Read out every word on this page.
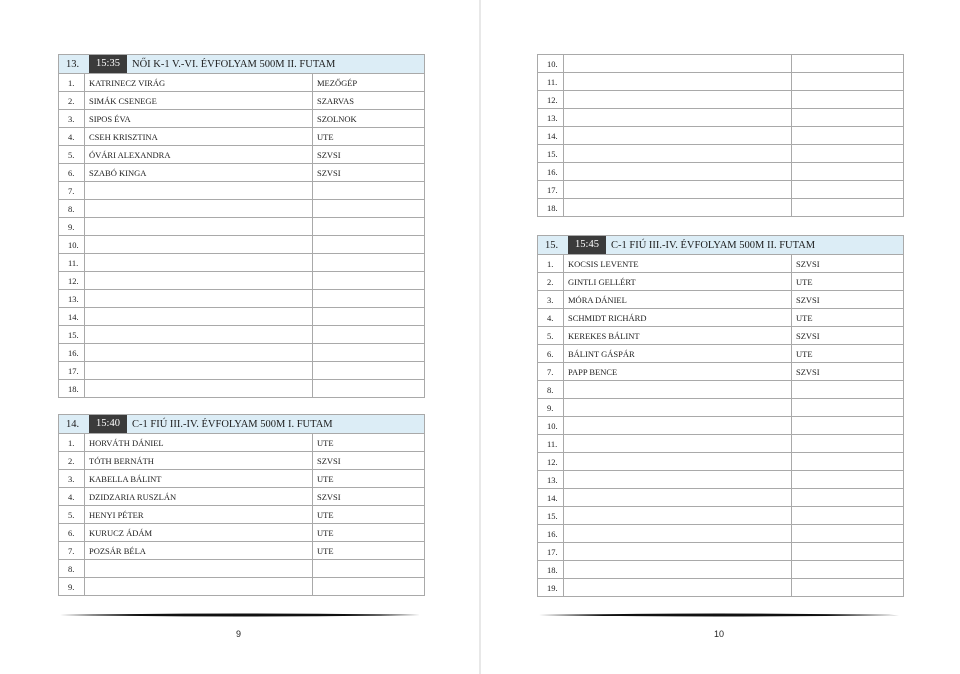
13. 15:35 NŐI K-1 V.-VI. ÉVFOLYAM 500M II. FUTAM		

1.	KATRINECZ VIRÁG	MEZŐGÉP
2.	SIMÁK CSENEGE	SZARVAS
3.	SIPOS ÉVA	SZOLNOK
4.	CSEH KRISZTINA	UTE
5.	ÓVÁRI ALEXANDRA	SZVSI
6.	SZABÓ KINGA	SZVSI
7.		
8.		
9.		
10.		
11.		
12.		
13.		
14.		
15.		
16.		
17.		
18.		
14. 15:40 C-1 FIÚ III.-IV. ÉVFOLYAM 500M I. FUTAM		

1.	HORVÁTH DÁNIEL	UTE
2.	TÓTH BERNÁTH	SZVSI
3.	KABELLA BÁLINT	UTE
4.	DZIDZARIA RUSZLÁN	SZVSI
5.	HENYI PÉTER	UTE
6.	KURUCZ ÁDÁM	UTE
7.	POZSÁR BÉLA	UTE
8.		
9.		
9
10.		
11.		
12.		
13.		
14.		
15.		
16.		
17.		
18.		
15. 15:45 C-1 FIÚ III.-IV. ÉVFOLYAM 500M II. FUTAM		

1.	KOCSIS LEVENTE	SZVSI
2.	GINTLI GELLÉRT	UTE
3.	MÓRA DÁNIEL	SZVSI
4.	SCHMIDT RICHÁRD	UTE
5.	KEREKES BÁLINT	SZVSI
6.	BÁLINT GÁSPÁR	UTE
7.	PAPP BENCE	SZVSI
8.		
9.		
10.		
11.		
12.		
13.		
14.		
15.		
16.		
17.		
18.		
19.		
10
